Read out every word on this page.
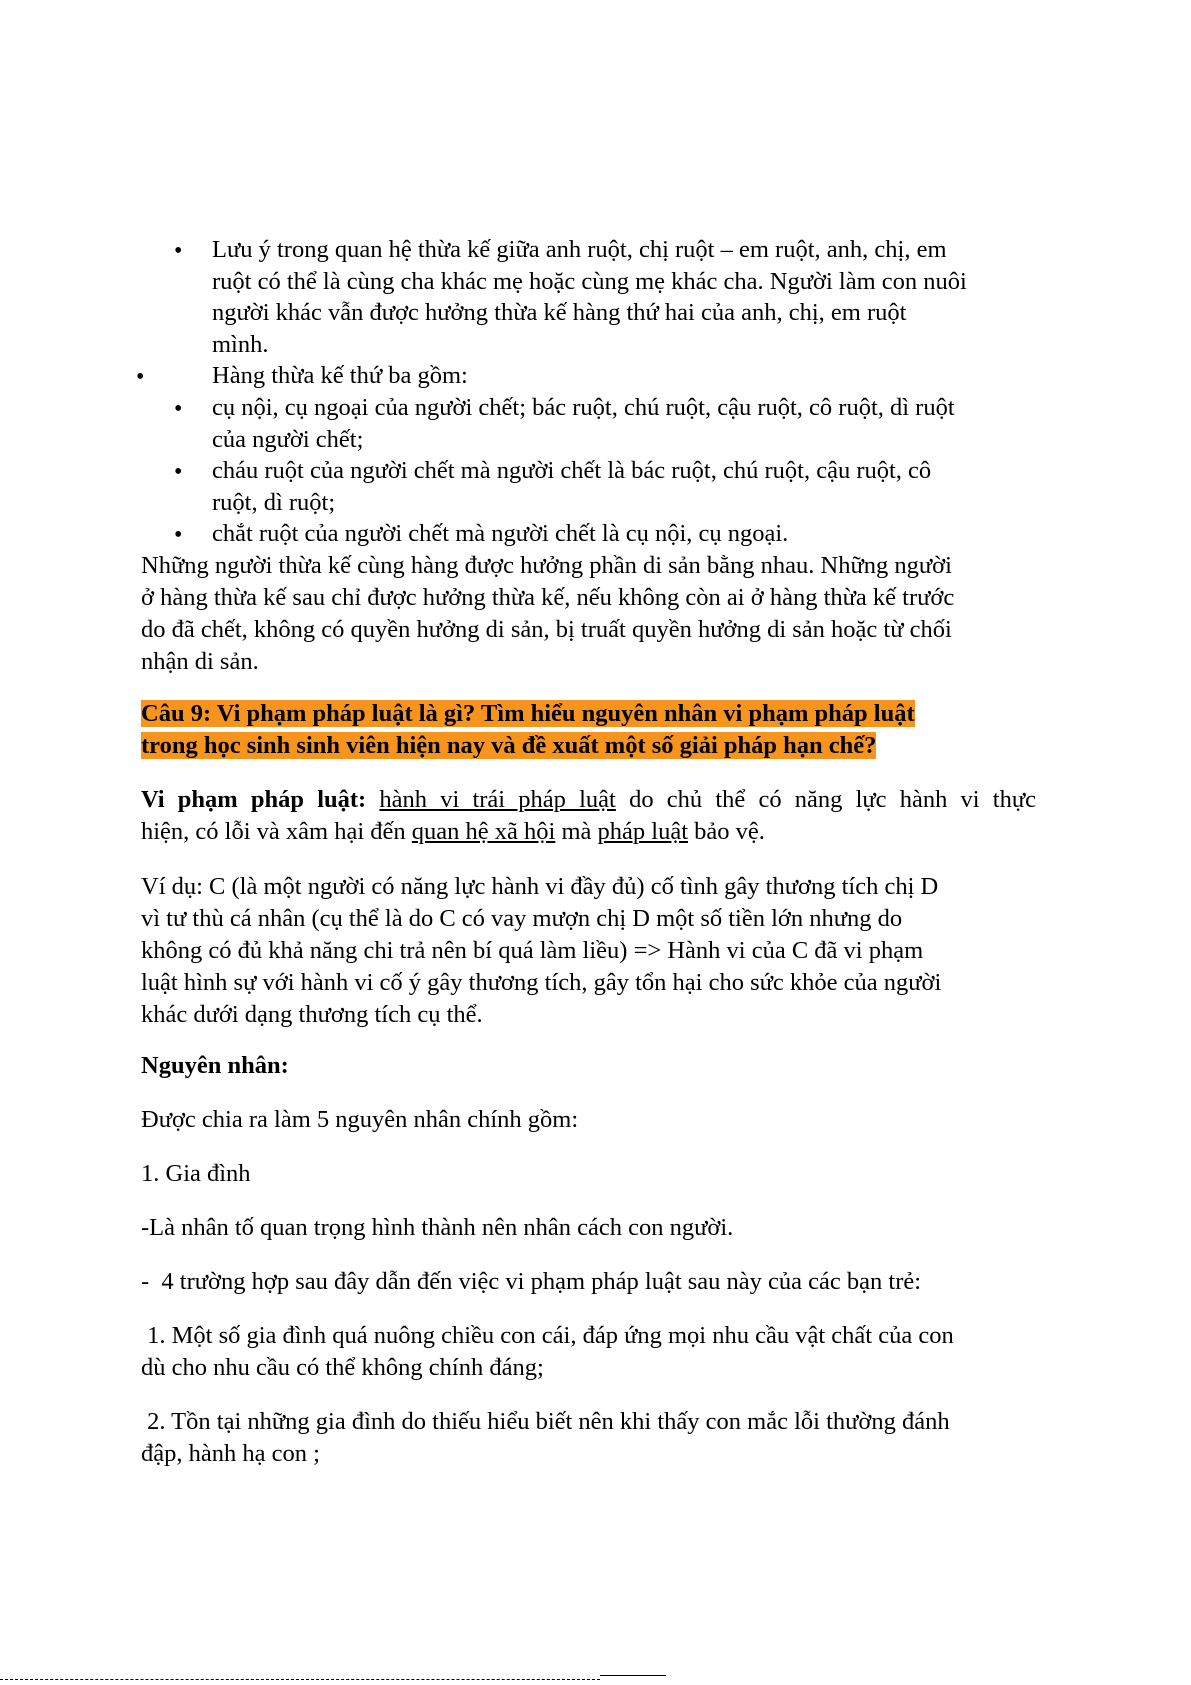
• Lưu ý trong quan hệ thừa kế giữa anh ruột, chị ruột – em ruột, anh, chị, em
ruột có thể là cùng cha khác mẹ hoặc cùng mẹ khác cha. Người làm con nuôi
người khác vẫn được hưởng thừa kế hàng thứ hai của anh, chị, em ruột
mình.
•	Hàng thừa kế thứ ba gồm:
• cụ nội, cụ ngoại của người chết; bác ruột, chú ruột, cậu ruột, cô ruột, dì ruột
của người chết;
• cháu ruột của người chết mà người chết là bác ruột, chú ruột, cậu ruột, cô
ruột, dì ruột;
• chắt ruột của người chết mà người chết là cụ nội, cụ ngoại.
Những người thừa kế cùng hàng được hưởng phần di sản bằng nhau. Những người
ở hàng thừa kế sau chỉ được hưởng thừa kế, nếu không còn ai ở hàng thừa kế trước
do đã chết, không có quyền hưởng di sản, bị truất quyền hưởng di sản hoặc từ chối
nhận di sản.
Câu 9: Vi phạm pháp luật là gì? Tìm hiểu nguyên nhân vi phạm pháp luật
trong học sinh sinh viên hiện nay và đề xuất một số giải pháp hạn chế?
Vi phạm pháp luật: hành vi trái pháp luật do chủ thể có năng lực hành vi thực
hiện, có lỗi và xâm hại đến quan hệ xã hội mà pháp luật bảo vệ.
Ví dụ: C (là một người có năng lực hành vi đầy đủ) cố tình gây thương tích chị D
vì tư thù cá nhân (cụ thể là do C có vay mượn chị D một số tiền lớn nhưng do
không có đủ khả năng chi trả nên bí quá làm liều) => Hành vi của C đã vi phạm
luật hình sự với hành vi cố ý gây thương tích, gây tổn hại cho sức khỏe của người
khác dưới dạng thương tích cụ thể.
Nguyên nhân:
Được chia ra làm 5 nguyên nhân chính gồm:
1. Gia đình
-Là nhân tố quan trọng hình thành nên nhân cách con người.
-  4 trường hợp sau đây dẫn đến việc vi phạm pháp luật sau này của các bạn trẻ:
1. Một số gia đình quá nuông chiều con cái, đáp ứng mọi nhu cầu vật chất của con
dù cho nhu cầu có thể không chính đáng;
2. Tồn tại những gia đình do thiếu hiểu biết nên khi thấy con mắc lỗi thường đánh
đập, hành hạ con ;
